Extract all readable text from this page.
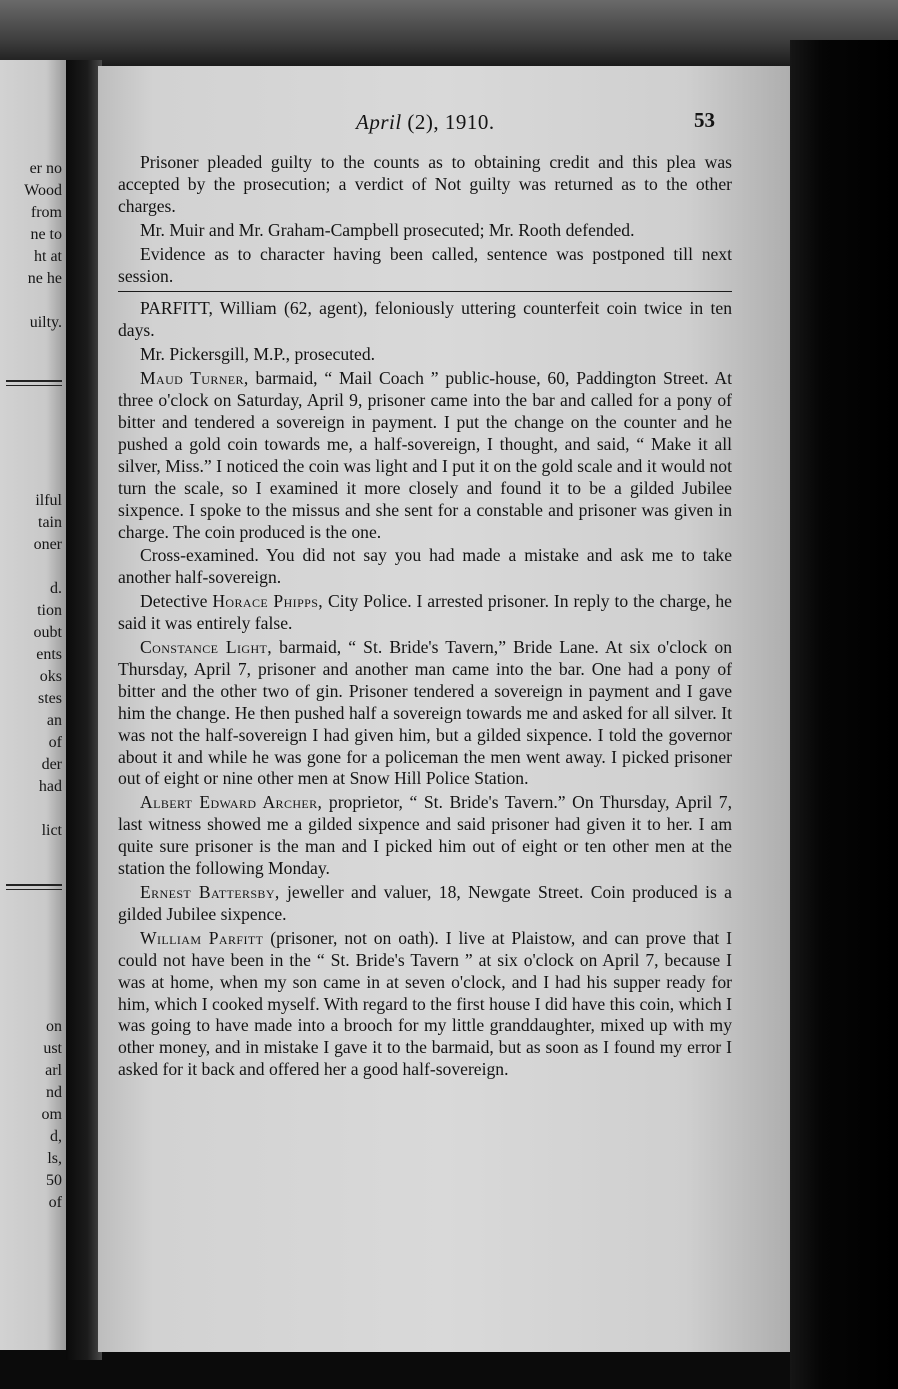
er no
Wood
from
ne to
ht at
ne he
uilty.
ilful
tain
oner
d.
tion
oubt
ents
oks
stes
an
of
der
had
lict
on
ust
arl
nd
om
d,
ls,
50
of
April (2), 1910.	53

Prisoner pleaded guilty to the counts as to obtaining credit and this plea was accepted by the prosecution; a verdict of Not guilty was returned as to the other charges.

Mr. Muir and Mr. Graham-Campbell prosecuted; Mr. Rooth defended.

Evidence as to character having been called, sentence was postponed till next session.

PARFITT, William (62, agent), feloniously uttering counterfeit coin twice in ten days.

Mr. Pickersgill, M.P., prosecuted.

Maud Turner, barmaid, “ Mail Coach ” public-house, 60, Paddington Street. At three o'clock on Saturday, April 9, prisoner came into the bar and called for a pony of bitter and tendered a sovereign in payment. I put the change on the counter and he pushed a gold coin towards me, a half-sovereign, I thought, and said, “ Make it all silver, Miss.” I noticed the coin was light and I put it on the gold scale and it would not turn the scale, so I examined it more closely and found it to be a gilded Jubilee sixpence. I spoke to the missus and she sent for a constable and prisoner was given in charge. The coin produced is the one.

Cross-examined. You did not say you had made a mistake and ask me to take another half-sovereign.

Detective Horace Phipps, City Police. I arrested prisoner. In reply to the charge, he said it was entirely false.

Constance Light, barmaid, “ St. Bride's Tavern,” Bride Lane. At six o'clock on Thursday, April 7, prisoner and another man came into the bar. One had a pony of bitter and the other two of gin. Prisoner tendered a sovereign in payment and I gave him the change. He then pushed half a sovereign towards me and asked for all silver. It was not the half-sovereign I had given him, but a gilded sixpence. I told the governor about it and while he was gone for a policeman the men went away. I picked prisoner out of eight or nine other men at Snow Hill Police Station.

Albert Edward Archer, proprietor, “ St. Bride's Tavern.” On Thursday, April 7, last witness showed me a gilded sixpence and said prisoner had given it to her. I am quite sure prisoner is the man and I picked him out of eight or ten other men at the station the following Monday.

Ernest Battersby, jeweller and valuer, 18, Newgate Street. Coin produced is a gilded Jubilee sixpence.

William Parfitt (prisoner, not on oath). I live at Plaistow, and can prove that I could not have been in the “ St. Bride's Tavern ” at six o'clock on April 7, because I was at home, when my son came in at seven o'clock, and I had his supper ready for him, which I cooked myself. With regard to the first house I did have this coin, which I was going to have made into a brooch for my little granddaughter, mixed up with my other money, and in mistake I gave it to the barmaid, but as soon as I found my error I asked for it back and offered her a good half-sovereign.
